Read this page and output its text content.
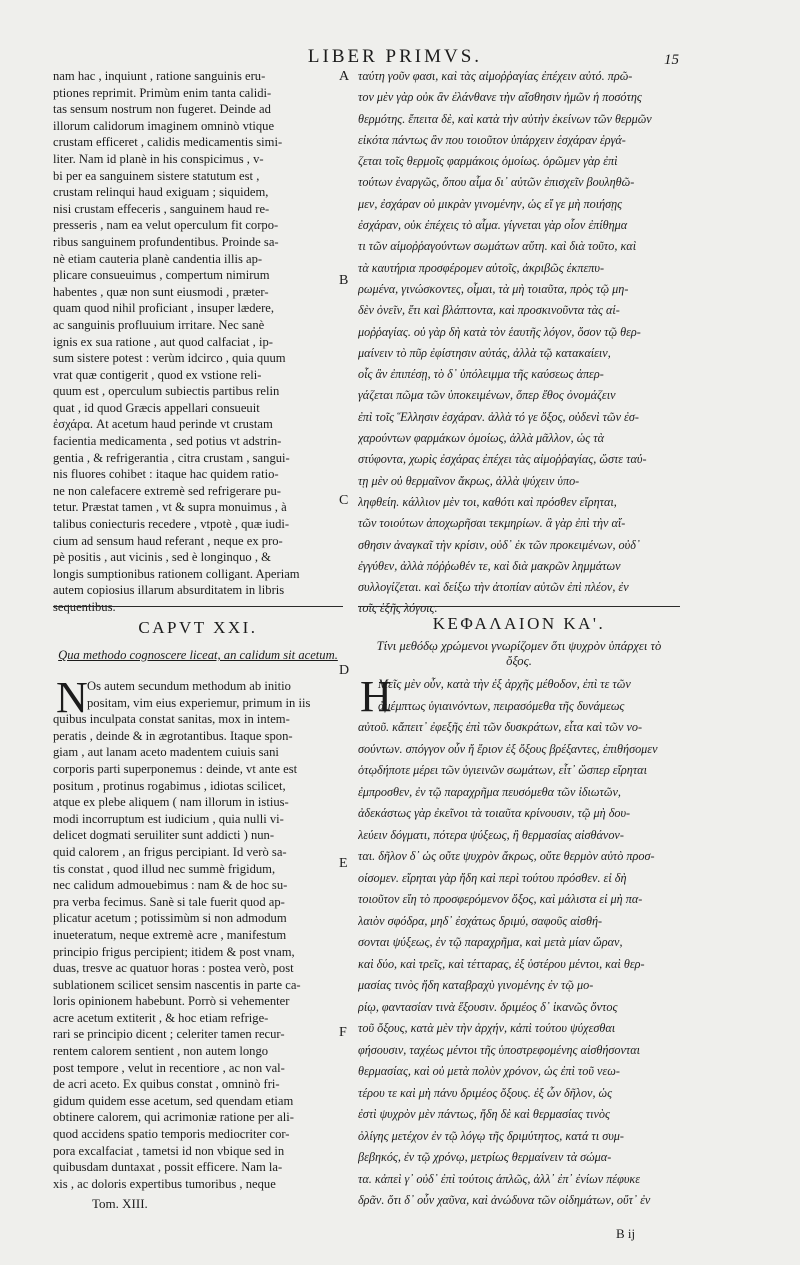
LIBER PRIMVS.	15
nam hac , inquiunt , ratione sanguinis eru-
ptiones reprimit. Primùm enim tanta calidi-
tas sensum nostrum non fugeret. Deinde ad
illorum calidorum imaginem omninò vtique
crustam efficeret , calidis medicamentis simi-
liter. Nam id planè in his conspicimus , v-
bi per ea sanguinem sistere statutum est ,
crustam relinqui haud exiguam ; siquidem,
nisi crustam effeceris , sanguinem haud re-
presseris , nam ea velut operculum fit corpo-
ribus sanguinem profundentibus. Proinde sa-
nè etiam cauteria planè candentia illis ap-
plicare consueuimus , compertum nimirum
habentes , quæ non sunt eiusmodi , præter-
quam quod nihil proficiant , insuper lædere,
ac sanguinis profluuium irritare. Nec sanè
ignis ex sua ratione , aut quod calfaciat , ip-
sum sistere potest : verùm idcirco , quia quum
vrat quæ contigerit , quod ex vstione reli-
quum est , operculum subiectis partibus relin
quat , id quod Græcis appellari consueuit
ἐσχάρα. At acetum haud perinde vt crustam
facientia medicamenta , sed potius vt adstrin-
gentia , & refrigerantia , citra crustam , sangui-
nis fluores cohibet : itaque hac quidem ratio-
ne non calefacere extremè sed refrigerare pu-
tetur. Præstat tamen , vt & supra monuimus , à
talibus coniecturis recedere , vtpotè , quæ iudi-
cium ad sensum haud referant , neque ex pro-
pè positis , aut vicinis , sed è longinquo , &
longis sumptionibus rationem colligant. Aperiam
autem copiosius illarum absurditatem in libris
sequentibus.
ταύτη γοῦν φασι, καὶ τὰς αἱμοῤῥαγίας ἐπέχειν αὐτό. πρῶ-
τον μὲν γὰρ οὐκ ἂν ἐλάνθανε τὴν αἴσθησιν ἡμῶν ἡ ποσότης
θερμότης. ἔπειτα δὲ, καὶ κατὰ τὴν αὐτὴν ἐκείνων τῶν θερμῶν
εἰκότα πάντως ἂν που τοιοῦτον ὑπάρχειν ἐσχάραν ἐργά-
ζεται τοῖς θερμοῖς φαρμάκοις ὁμοίως. ὁρῶμεν γὰρ ἐπὶ
τούτων ἐναργῶς, ὅπου αἷμα δι᾽ αὐτῶν ἐπισχεῖν βουληθῶ-
μεν, ἐσχάραν οὐ μικρὰν γινομένην, ὡς εἴ γε μὴ ποιήσῃς
ἐσχάραν, οὐκ ἐπέχεις τὸ αἷμα. γίγνεται γὰρ οἷον ἐπίθημα
τι τῶν αἱμοῤῥαγούντων σωμάτων αὕτη. καὶ διὰ τοῦτο, καὶ
τὰ καυτήρια προσφέρομεν αὐτοῖς, ἀκριβῶς ἐκπεπυ-
ρωμένα, γινώσκοντες, οἶμαι, τὰ μὴ τοιαῦτα, πρὸς τῷ μη-
δὲν ὀνεῖν, ἔτι καὶ βλάπτοντα, καὶ προσκινοῦντα τὰς αἱ-
μοῤῥαγίας. οὐ γὰρ δὴ κατὰ τὸν ἑαυτῆς λόγον, ὅσον τῷ θερ-
μαίνειν τὸ πῦρ ἐφίστησιν αὐτάς, ἀλλὰ τῷ κατακαίειν,
οἷς ἂν ἐπιπέσῃ, τὸ δ᾽ ὑπόλειμμα τῆς καύσεως ἀπερ-
γάζεται πῶμα τῶν ὑποκειμένων, ὅπερ ἔθος ὀνομάζειν
ἐπὶ τοῖς Ἕλλησιν ἐσχάραν. ἀλλὰ τό γε ὄξος, οὐδενὶ τῶν ἐσ-
χαρούντων φαρμάκων ὁμοίως, ἀλλὰ μᾶλλον, ὡς τὰ
στύφοντα, χωρὶς ἐσχάρας ἐπέχει τὰς αἱμοῤῥαγίας, ὥστε ταύ-
τῃ μὲν οὐ θερμαῖνον ἄκρως, ἀλλὰ ψύχειν ὑπο-
ληφθείη. κάλλιον μὲν τοι, καθότι καὶ πρόσθεν εἴρηται,
τῶν τοιούτων ἀποχωρῆσαι τεκμηρίων. ἃ γὰρ ἐπὶ τὴν αἴ-
σθησιν ἀναγκαῖ τὴν κρίσιν, οὐδ᾽ ἐκ τῶν προκειμένων, οὐδ᾽
ἐγγύθεν, ἀλλὰ πόῤῥωθέν τε, καὶ διὰ μακρῶν λημμάτων
συλλογίζεται. καὶ δείξω τὴν ἀτοπίαν αὐτῶν ἐπὶ πλέον, ἐν
τοῖς ἑξῆς λόγοις.
A
B
C
D
E
F
CAPVT XXI.
Qua methodo cognoscere liceat, an calidum sit acetum.
ΚΕΦΑΛΑΙΟΝ ΚΑ'.
Τίνι μεθόδῳ χρώμενοι γνωρίζομεν ὅτι ψυχρὸν ὑπάρχει τὸ ὄξος.
N Os autem secundum methodum ab initio
positam, vim eius experiemur, primum in iis
quibus inculpata constat sanitas, mox in intem-
peratis , deinde & in ægrotantibus. Itaque spon-
giam , aut lanam aceto madentem cuiuis sani
corporis parti superponemus : deinde, vt ante est
positum , protinus rogabimus , idiotas scilicet,
atque ex plebe aliquem ( nam illorum in istius-
modi incorruptum est iudicium , quia nulli vi-
delicet dogmati seruiliter sunt addicti ) nun-
quid calorem , an frigus percipiant. Id verò sa-
tis constat , quod illud nec summè frigidum,
nec calidum admouebimus : nam & de hoc su-
pra verba fecimus. Sanè si tale fuerit quod ap-
plicatur acetum ; potissimùm si non admodum
inueteratum, neque extremè acre , manifestum
principio frigus percipient; itidem & post vnam,
duas, tresve ac quatuor horas : postea verò, post
sublationem scilicet sensim nascentis in parte ca-
loris opinionem habebunt. Porrò si vehementer
acre acetum extiterit , & hoc etiam refrige-
rari se principio dicent ; celeriter tamen recur-
rentem calorem sentient , non autem longo
post tempore , velut in recentiore , ac non val-
de acri aceto. Ex quibus constat , omninò fri-
gidum quidem esse acetum, sed quendam etiam
obtinere calorem, qui acrimoniæ ratione per ali-
quod accidens spatio temporis mediocriter cor-
pora excalfaciat , tametsi id non vbique sed in
quibusdam duntaxat , possit efficere. Nam la-
xis , ac doloris expertibus tumoribus , neque
Tom. XIII.
Η
Μεῖς μὲν οὖν, κατὰ τὴν ἐξ ἀρχῆς μέθοδον, ἐπὶ τε τῶν
ἀμέμπτως ὑγιαινόντων, πειρασόμεθα τῆς δυνάμεως
αὐτοῦ. κἄπειτ᾽ ἐφεξῆς ἐπὶ τῶν δυσκράτων, εἶτα καὶ τῶν νο-
σούντων. σπόγγον οὖν ἤ ἔριον ἐξ ὄξους βρέξαντες, ἐπιθήσομεν
ὁτῳδήποτε μέρει τῶν ὑγιεινῶν σωμάτων, εἶτ᾽ ὥσπερ εἴρηται
ἐμπροσθεν, ἐν τῷ παραχρῆμα πευσόμεθα τῶν ἰδιωτῶν,
ἀδεκάστως γὰρ ἐκεῖνοι τὰ τοιαῦτα κρίνουσιν, τῷ μὴ δου-
λεύειν δόγματι, πότερα ψύξεως, ἢ θερμασίας αἰσθάνον-
ται. δῆλον δ᾽ ὡς οὔτε ψυχρὸν ἄκρως, οὔτε θερμὸν αὐτὸ προσ-
οίσομεν. εἴρηται γὰρ ἤδη καὶ περὶ τούτου πρόσθεν. εἰ δὴ
τοιοῦτον εἴη τὸ προσφερόμενον ὄξος, καὶ μάλιστα εἰ μὴ πα-
λαιὸν σφόδρα, μηδ᾽ ἐσχάτως δριμύ, σαφοῦς αἰσθή-
σονται ψύξεως, ἐν τῷ παραχρῆμα, καὶ μετὰ μίαν ὥραν,
καὶ δύο, καὶ τρεῖς, καὶ τέτταρας, ἐξ ὑστέρου μέντοι, καὶ θερ-
μασίας τινὸς ἤδη καταβραχὺ γινομένης ἐν τῷ μο-
ρίῳ, φαντασίαν τινὰ ἕξουσιν. δριμέος δ᾽ ἱκανῶς ὄντος
τοῦ ὄξους, κατὰ μὲν τὴν ἀρχήν, κἀπὶ τούτου ψύχεσθαι
φήσουσιν, ταχέως μέντοι τῆς ὑποστρεφομένης αἰσθήσονται
θερμασίας, καὶ οὐ μετὰ πολὺν χρόνον, ὡς ἐπὶ τοῦ νεω-
τέρου τε καὶ μὴ πάνυ δριμέος ὄξους. ἐξ ὧν δῆλον, ὡς
ἐστὶ ψυχρὸν μὲν πάντως, ἤδη δὲ καὶ θερμασίας τινὸς
ὀλίγης μετέχον ἐν τῷ λόγῳ τῆς δριμύτητος, κατά τι συμ-
βεβηκός, ἐν τῷ χρόνῳ, μετρίως θερμαίνειν τὰ σώμα-
τα. κἀπεὶ γ᾽ οὐδ᾽ ἐπὶ τούτοις ἁπλῶς, ἀλλ᾽ ἐπ᾽ ἐνίων πέφυκε
δρᾶν. ὅτι δ᾽ οὖν χαῦνα, καὶ ἀνώδυνα τῶν οἰδημάτων, οὔτ᾽ ἐν
B ij
